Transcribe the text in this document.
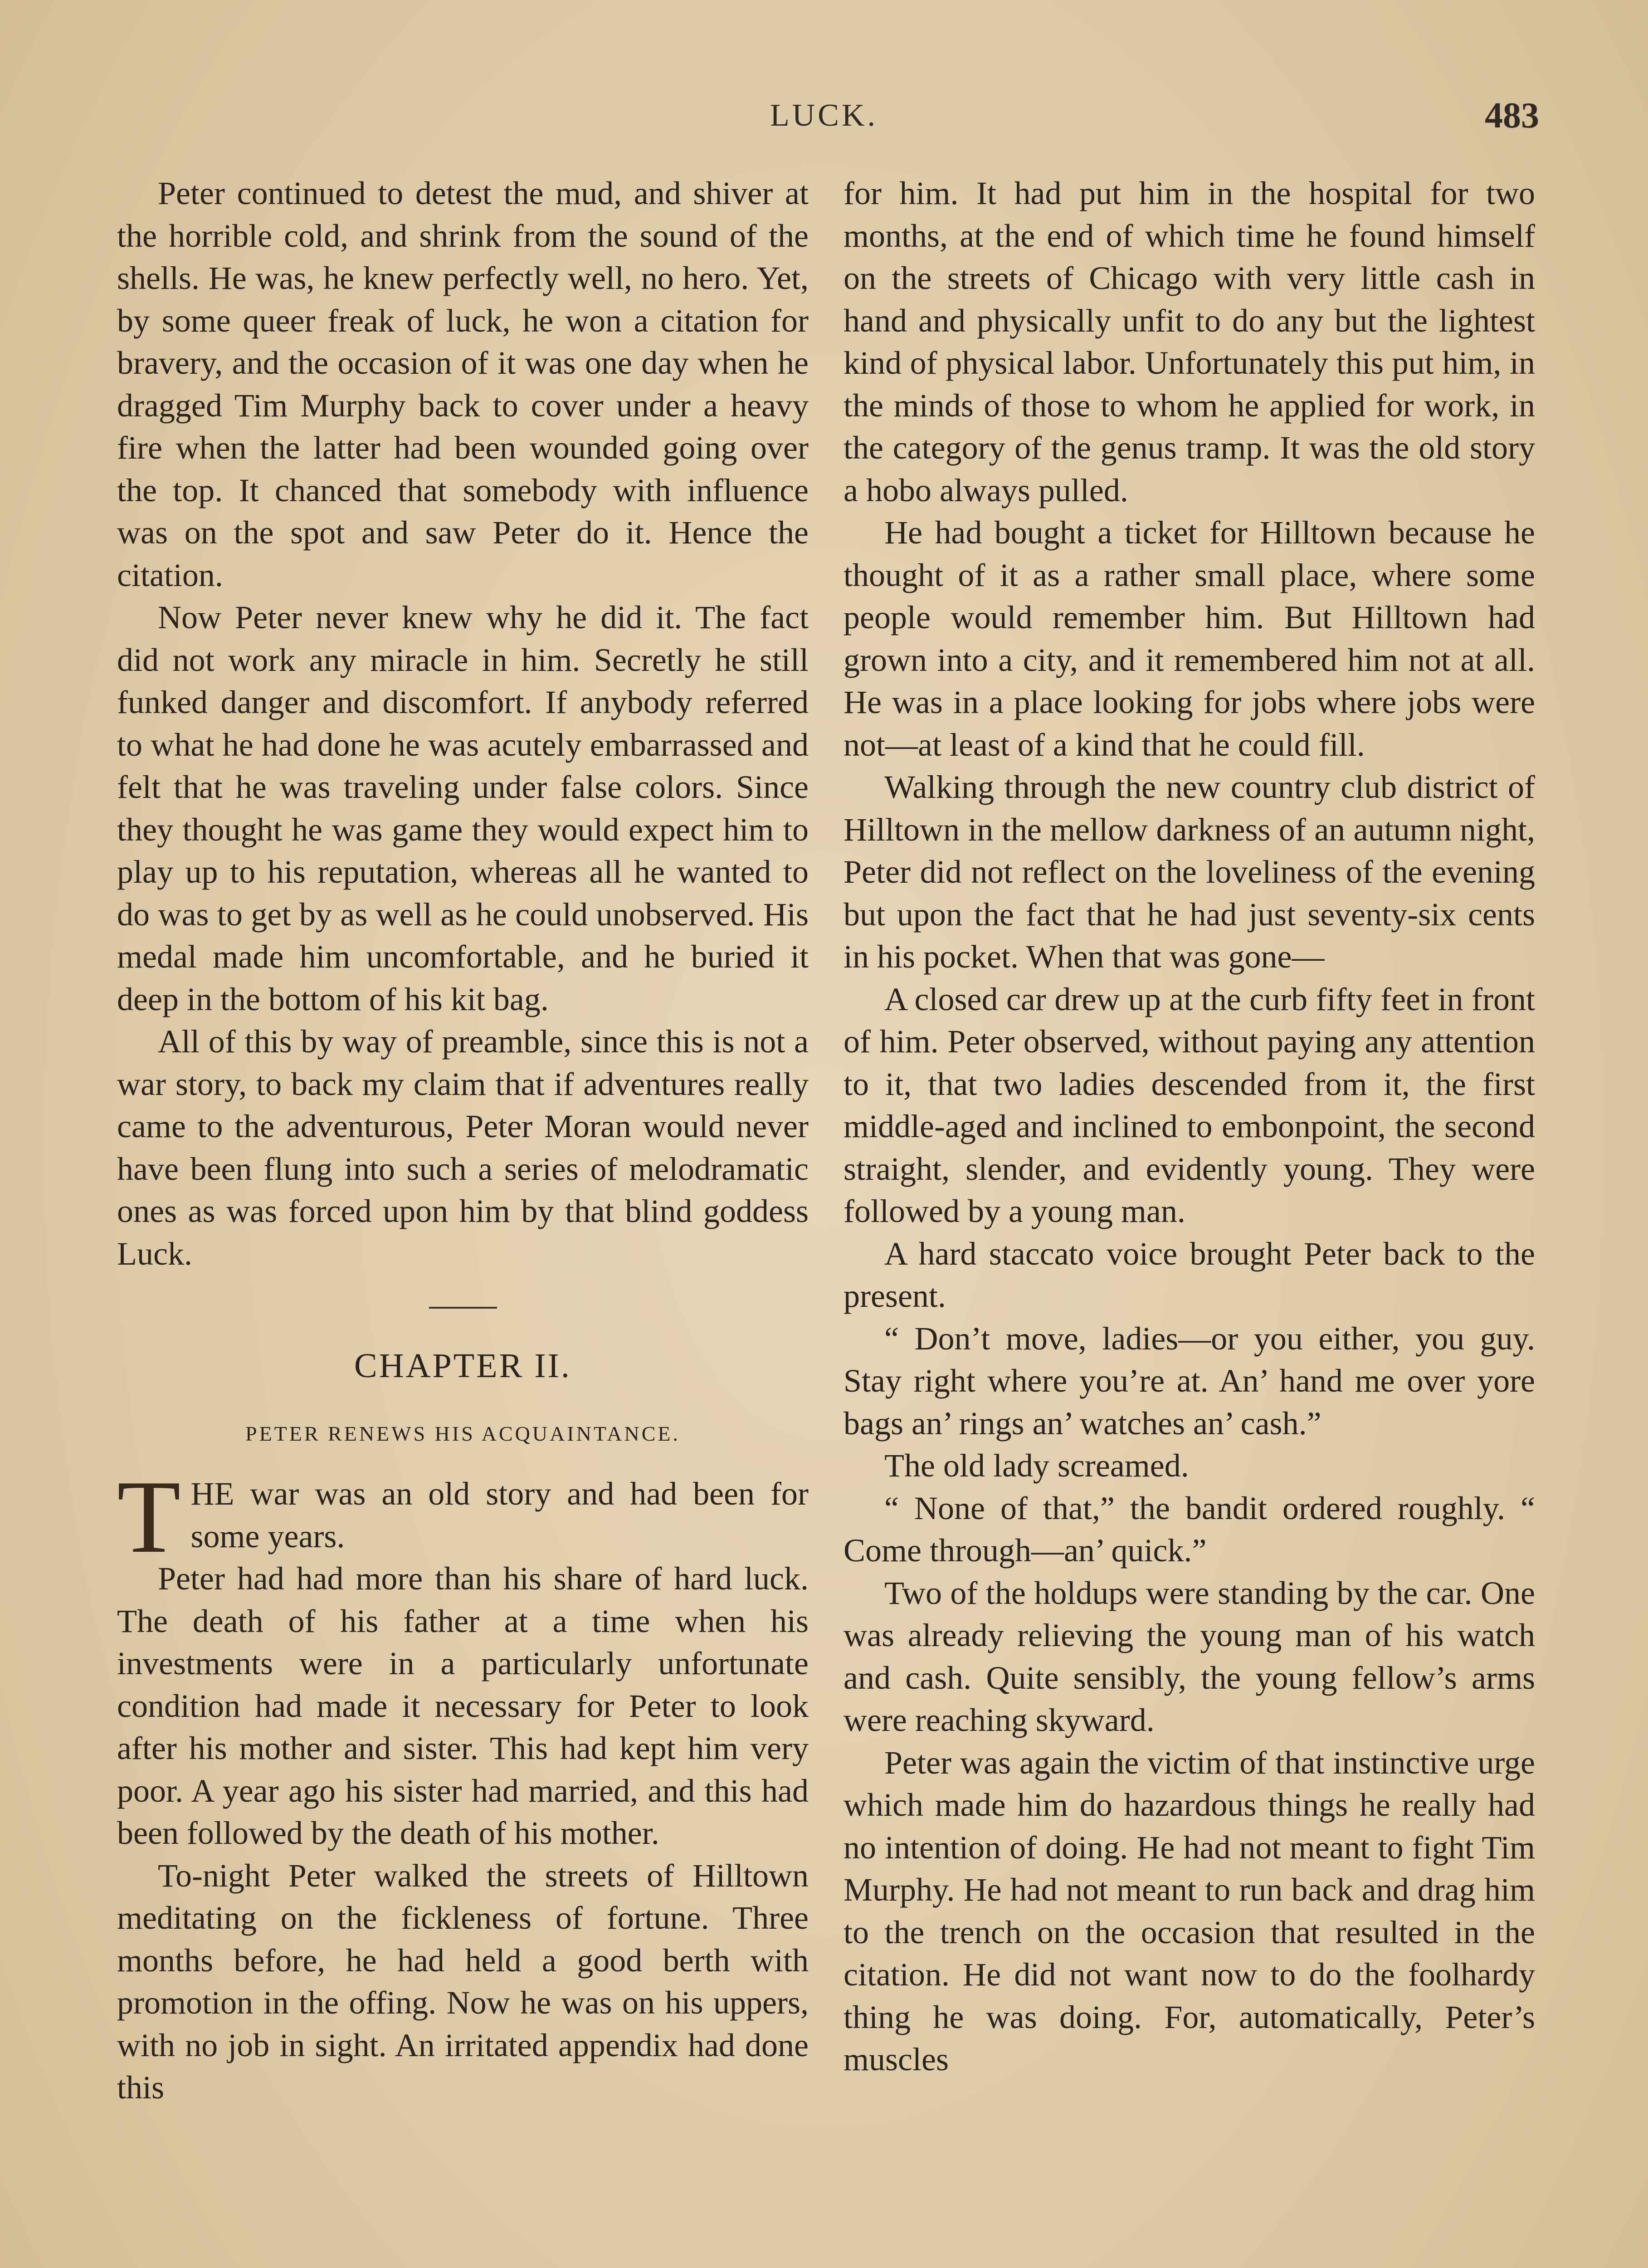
LUCK.	483

Peter continued to detest the mud, and shiver at the horrible cold, and shrink from the sound of the shells. He was, he knew perfectly well, no hero. Yet, by some queer freak of luck, he won a citation for bravery, and the occasion of it was one day when he dragged Tim Murphy back to cover under a heavy fire when the latter had been wounded going over the top. It chanced that somebody with influence was on the spot and saw Peter do it. Hence the citation.

Now Peter never knew why he did it. The fact did not work any miracle in him. Secretly he still funked danger and discomfort. If anybody referred to what he had done he was acutely embarrassed and felt that he was traveling under false colors. Since they thought he was game they would expect him to play up to his reputation, whereas all he wanted to do was to get by as well as he could unobserved. His medal made him uncomfortable, and he buried it deep in the bottom of his kit bag.

All of this by way of preamble, since this is not a war story, to back my claim that if adventures really came to the adventurous, Peter Moran would never have been flung into such a series of melodramatic ones as was forced upon him by that blind goddess Luck.

CHAPTER II.
PETER RENEWS HIS ACQUAINTANCE.

THE war was an old story and had been for some years.

Peter had had more than his share of hard luck. The death of his father at a time when his investments were in a particularly unfortunate condition had made it necessary for Peter to look after his mother and sister. This had kept him very poor. A year ago his sister had married, and this had been followed by the death of his mother.

To-night Peter walked the streets of Hilltown meditating on the fickleness of fortune. Three months before, he had held a good berth with promotion in the offing. Now he was on his uppers, with no job in sight. An irritated appendix had done this

for him. It had put him in the hospital for two months, at the end of which time he found himself on the streets of Chicago with very little cash in hand and physically unfit to do any but the lightest kind of physical labor. Unfortunately this put him, in the minds of those to whom he applied for work, in the category of the genus tramp. It was the old story a hobo always pulled.

He had bought a ticket for Hilltown because he thought of it as a rather small place, where some people would remember him. But Hilltown had grown into a city, and it remembered him not at all. He was in a place looking for jobs where jobs were not—at least of a kind that he could fill.

Walking through the new country club district of Hilltown in the mellow darkness of an autumn night, Peter did not reflect on the loveliness of the evening but upon the fact that he had just seventy-six cents in his pocket. When that was gone—

A closed car drew up at the curb fifty feet in front of him. Peter observed, without paying any attention to it, that two ladies descended from it, the first middle-aged and inclined to embonpoint, the second straight, slender, and evidently young. They were followed by a young man.

A hard staccato voice brought Peter back to the present.

“ Don’t move, ladies—or you either, you guy. Stay right where you’re at. An’ hand me over yore bags an’ rings an’ watches an’ cash.”

The old lady screamed.

“ None of that,” the bandit ordered roughly. “ Come through—an’ quick.”

Two of the holdups were standing by the car. One was already relieving the young man of his watch and cash. Quite sensibly, the young fellow’s arms were reaching skyward.

Peter was again the victim of that instinctive urge which made him do hazardous things he really had no intention of doing. He had not meant to fight Tim Murphy. He had not meant to run back and drag him to the trench on the occasion that resulted in the citation. He did not want now to do the foolhardy thing he was doing. For, automatically, Peter’s muscles
